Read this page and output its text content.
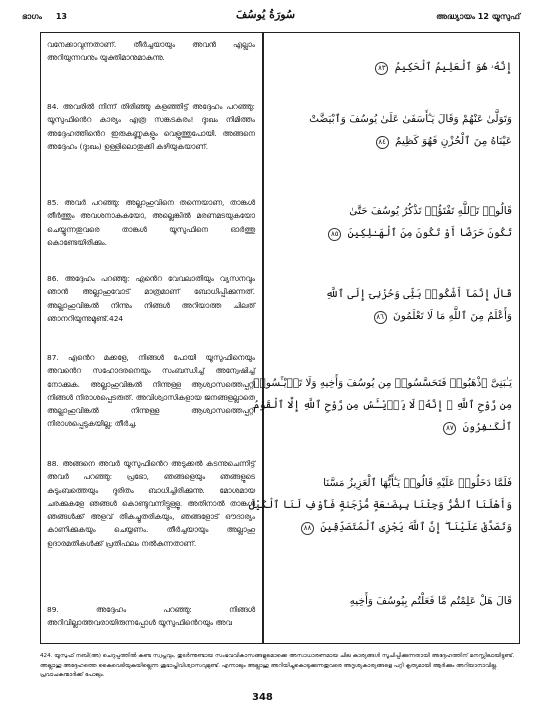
ഭാഗം 13	سُورَةُ يُوسُفَ	അദ്ധ്യായം 12 യൂസുഫ്

വനേക്കാവുന്നതാണ്. തീർച്ചയായും അവൻ എല്ലാം അറിയുന്നവനും യുക്തിമാനുമാകുന്നു.

84. അവരിൽ നിന്ന് തിരിഞ്ഞു കളഞ്ഞിട്ട് അദ്ദേഹം പറഞ്ഞു: യൂസുഫിൻെറ കാര്യം എത്ര സങ്കടകരം! ദുഃഖം നിമിത്തം അദ്ദേഹത്തിൻെറ ഇരുകണ്ണുകളും വെളുത്തുപോയി. അങ്ങനെ അദ്ദേഹം (ദുഃഖം) ഉള്ളിലൊതുക്കി കഴിയുകയാണ്.

85. അവർ പറഞ്ഞു: അല്ലാഹുവിനെ തന്നെയാണ, താങ്കൾ തീർത്തും അവശനാകുകയോ, അല്ലെങ്കിൽ മരണമടയുകയോ ചെയ്യുന്നതുവരെ താങ്കൾ യൂസുഫിനെ ഓർത്തു കൊണ്ടേയിരിക്കും.

86. അദ്ദേഹം പറഞ്ഞു: എൻെറ വേവലാതിയും വ്യസനവും ഞാൻ അല്ലാഹുവോട് മാത്രമാണ് ബോധിപ്പിക്കുന്നത്. അല്ലാഹുവിങ്കൽ നിന്നും നിങ്ങൾ അറിയാത്ത ചിലത് ഞാനറിയുന്നുമുണ്ട്.424

87. എൻെറ മക്കളേ, നിങ്ങൾ പോയി യൂസുഫിനെയും അവൻെറ സഹോദരനെയും സംബന്ധിച്ച് അന്വേഷിച്ച് നോക്കുക. അല്ലാഹുവിങ്കൽ നിന്നുള്ള ആശ്വാസത്തെപ്പറ്റി നിങ്ങൾ നിരാശപ്പെടരുത്. അവിശ്വാസികളായ ജനങ്ങളല്ലാതെ അല്ലാഹുവിങ്കൽ നിന്നുള്ള ആശ്വാസത്തെപ്പറ്റി നിരാശപ്പെടുകയില്ല; തീർച്ച.

88. അങ്ങനെ അവർ യൂസുഫിൻെറ അടുക്കൽ കടന്നുചെന്നിട്ട് അവർ പറഞ്ഞു: പ്രഭോ, ഞങ്ങളെയും ഞങ്ങളുടെ കുടുംബത്തെയും ദുരിതം ബാധിച്ചിരിക്കുന്നു. മോശമായ ചരക്കുകളേ ഞങ്ങൾ കൊണ്ടുവന്നിട്ടുള്ളൂ. അതിനാൽ താങ്കൾ ഞങ്ങൾക്ക് അളവ് തികച്ചുതരികയും, ഞങ്ങളോട് ഔദാര്യം കാണിക്കുകയും ചെയ്യണം. തീർച്ചയായും അല്ലാഹു ഉദാരമതികൾക്ക് പ്രതിഫലം നൽകുന്നതാണ്.

89. അദ്ദേഹം പറഞ്ഞു: നിങ്ങൾ അറിവില്ലാത്തവരായിരുന്നപ്പോൾ യൂസുഫിൻെറയും അവ

إِنَّهُۥ هُوَ ٱلْعَلِيمُ ٱلْحَكِيمُ ٨٣
وَتَوَلَّىٰ عَنْهُمْ وَقَالَ يَـٰٓأَسَفَىٰ عَلَىٰ يُوسُفَ وَٱبْيَضَّتْ
عَيْنَاهُ مِنَ ٱلْحُزْنِ فَهُوَ كَظِيمٌ ٨٤
قَالُوا۟ تَٱللَّهِ تَفْتَؤُا۟ تَذْكُرُ يُوسُفَ حَتَّىٰ
تَكُونَ حَرَضًا أَوْ تَكُونَ مِنَ ٱلْهَـٰلِكِينَ ٨٥
قَالَ إِنَّمَآ أَشْكُوا۟ بَثِّى وَحُزْنِىٓ إِلَى ٱللَّهِ
وَأَعْلَمُ مِنَ ٱللَّهِ مَا لَا تَعْلَمُونَ ٨٦
يَـٰبَنِىَّ ٱذْهَبُوا۟ فَتَحَسَّسُوا۟ مِن يُوسُفَ وَأَخِيهِ وَلَا تَا۟يْـَٔسُوا۟
مِن رَّوْحِ ٱللَّهِ ۖ إِنَّهُۥ لَا يَا۟يْـَٔسُ مِن رَّوْحِ ٱللَّهِ إِلَّا ٱلْقَوْمُ
ٱلْكَـٰفِرُونَ ٨٧
فَلَمَّا دَخَلُوا۟ عَلَيْهِ قَالُوا۟ يَـٰٓأَيُّهَا ٱلْعَزِيزُ مَسَّنَا
وَأَهْلَنَا ٱلضُّرُّ وَجِئْنَا بِبِضَـٰعَةٍ مُّزْجَىٰةٍ فَأَوْفِ لَنَا ٱلْكَيْلَ
وَتَصَدَّقْ عَلَيْنَآ ۖ إِنَّ ٱللَّهَ يَجْزِى ٱلْمُتَصَدِّقِينَ ٨٨
قَالَ هَلْ عَلِمْتُم مَّا فَعَلْتُم بِيُوسُفَ وَأَخِيهِ

424. യൂസുഫ് നബി(അ) ചെറുപ്പത്തിൽ കണ്ട സ്വപ്നവും, തുടർന്നുണ്ടായ സംഭവവികാസങ്ങളുമൊക്കെ അസാധാരണമായ ചില കാര്യങ്ങൾ സൂചിപ്പിക്കുന്നതായി അദ്ദേഹത്തിന് മനസ്സിലായിട്ടുണ്ട്. അല്ലാഹു അദ്ദേഹത്തെ കൈവെടിയുകയില്ലെന്ന ശുഭാപ്തിവിശ്വാസവുമുണ്ട്. എന്നാലും അല്ലാഹു അറിയിച്ചുകൊടുക്കുന്നതുവരെ അദൃശ്യകാര്യങ്ങളെ പറ്റി കൃത്യമായി ആർക്കും അറിയാനാവില്ല. പ്രവാചകന്മാർക്ക് പോലും.

348
